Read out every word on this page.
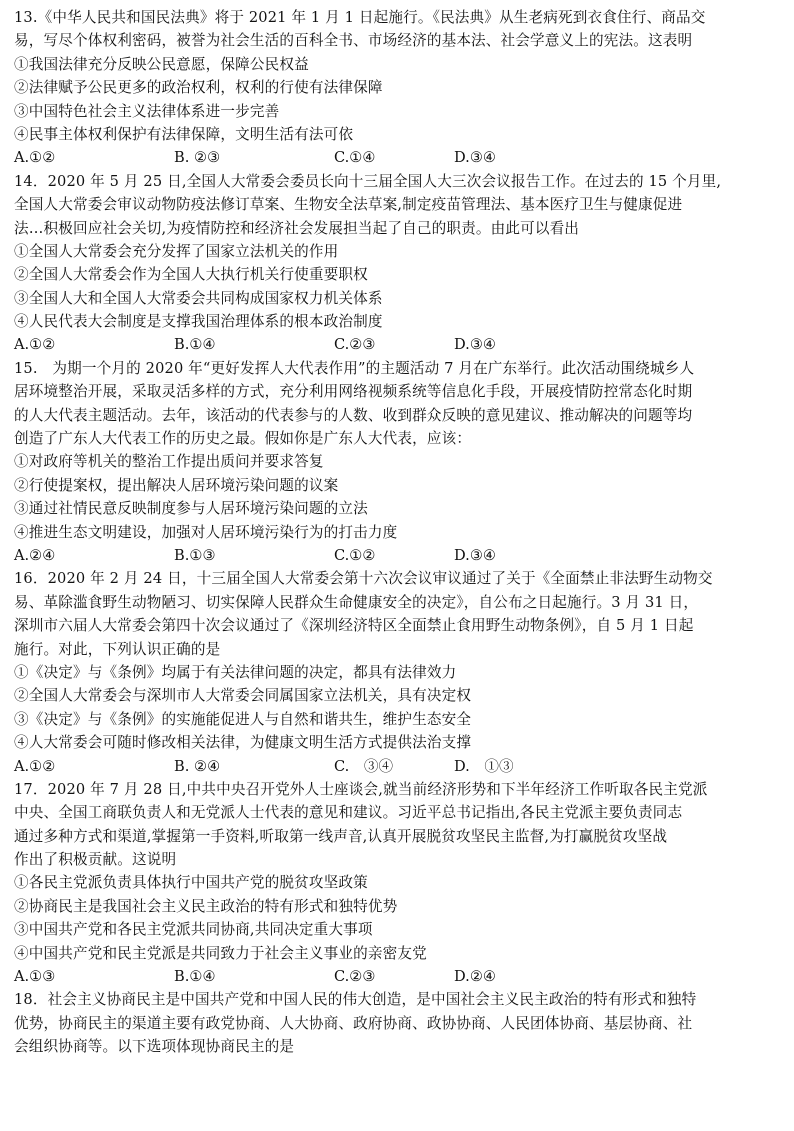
13.《中华人民共和国民法典》将于 2021 年 1 月 1 日起施行。《民法典》从生老病死到衣食住行、商品交
易，写尽个体权利密码，被誉为社会生活的百科全书、市场经济的基本法、社会学意义上的宪法。这表明
①我国法律充分反映公民意愿，保障公民权益
②法律赋予公民更多的政治权利，权利的行使有法律保障
③中国特色社会主义法律体系进一步完善
④民事主体权利保护有法律保障，文明生活有法可依
A.①②	B. ②③	C.①④	D.③④
14．2020 年 5 月 25 日,全国人大常委会委员长向十三届全国人大三次会议报告工作。在过去的 15 个月里,
全国人大常委会审议动物防疫法修订草案、生物安全法草案,制定疫苗管理法、基本医疗卫生与健康促进
法…积极回应社会关切,为疫情防控和经济社会发展担当起了自己的职责。由此可以看出
①全国人大常委会充分发挥了国家立法机关的作用
②全国人大常委会作为全国人大执行机关行使重要职权
③全国人大和全国人大常委会共同构成国家权力机关体系
④人民代表大会制度是支撑我国治理体系的根本政治制度
A.①②	B.①④	C.②③	D.③④
15.　为期一个月的 2020 年“更好发挥人大代表作用”的主题活动 7 月在广东举行。此次活动围绕城乡人
居环境整治开展，采取灵活多样的方式，充分利用网络视频系统等信息化手段，开展疫情防控常态化时期
的人大代表主题活动。去年，该活动的代表参与的人数、收到群众反映的意见建议、推动解决的问题等均
创造了广东人大代表工作的历史之最。假如你是广东人大代表，应该：
①对政府等机关的整治工作提出质问并要求答复
②行使提案权，提出解决人居环境污染问题的议案
③通过社情民意反映制度参与人居环境污染问题的立法
④推进生态文明建设，加强对人居环境污染行为的打击力度
A.②④	B.①③	C.①②	D.③④
16．2020 年 2 月 24 日，十三届全国人大常委会第十六次会议审议通过了关于《全面禁止非法野生动物交
易、革除滥食野生动物陋习、切实保障人民群众生命健康安全的决定》，自公布之日起施行。3 月 31 日，
深圳市六届人大常委会第四十次会议通过了《深圳经济特区全面禁止食用野生动物条例》，自 5 月 1 日起
施行。对此，下列认识正确的是
①《决定》与《条例》均属于有关法律问题的决定，都具有法律效力
②全国人大常委会与深圳市人大常委会同属国家立法机关，具有决定权
③《决定》与《条例》的实施能促进人与自然和谐共生，维护生态安全
④人大常委会可随时修改相关法律，为健康文明生活方式提供法治支撑
A.①②	B. ②④	C.　③④	D.　①③
17．2020 年 7 月 28 日,中共中央召开党外人士座谈会,就当前经济形势和下半年经济工作听取各民主党派
中央、全国工商联负责人和无党派人士代表的意见和建议。习近平总书记指出,各民主党派主要负责同志
通过多种方式和渠道,掌握第一手资料,听取第一线声音,认真开展脱贫攻坚民主监督,为打赢脱贫攻坚战
作出了积极贡献。这说明
①各民主党派负责具体执行中国共产党的脱贫攻坚政策
②协商民主是我国社会主义民主政治的特有形式和独特优势
③中国共产党和各民主党派共同协商,共同决定重大事项
④中国共产党和民主党派是共同致力于社会主义事业的亲密友党
A.①③	B.①④	C.②③	D.②④
18．社会主义协商民主是中国共产党和中国人民的伟大创造，是中国社会主义民主政治的特有形式和独特
优势，协商民主的渠道主要有政党协商、人大协商、政府协商、政协协商、人民团体协商、基层协商、社
会组织协商等。以下选项体现协商民主的是
